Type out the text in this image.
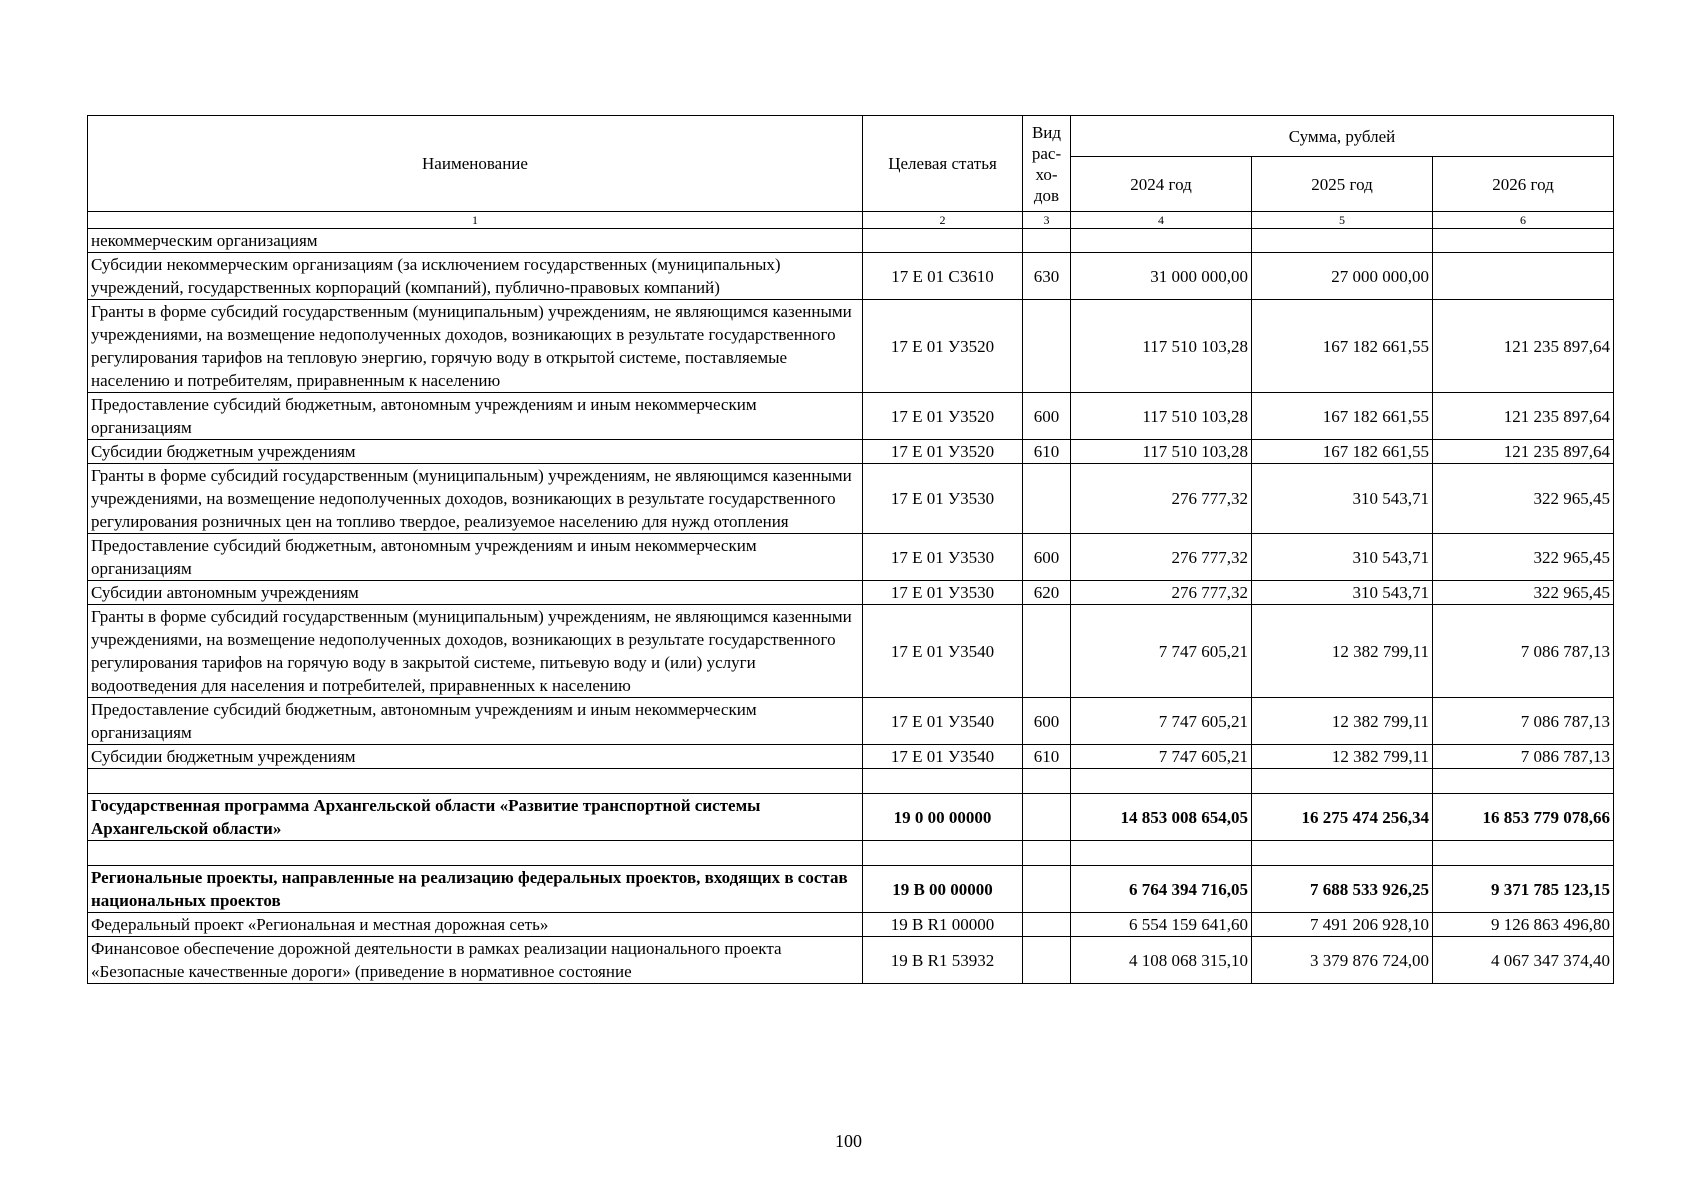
Наименование	Целевая статья	Вид рас- хо- дов	Сумма, рублей		
			2024 год	2025 год	2026 год
1	2	3	4	5	6
некоммерческим организациям					
Субсидии некоммерческим организациям (за исключением государственных (муниципальных) учреждений, государственных корпораций (компаний), публично-правовых компаний)	17 Е 01 С3610	630	31 000 000,00	27 000 000,00	
Гранты в форме субсидий государственным (муниципальным) учреждениям, не являющимся казенными учреждениями, на возмещение недополученных доходов, возникающих в результате государственного регулирования тарифов на тепловую энергию, горячую воду в открытой системе, поставляемые населению и потребителям, приравненным к населению	17 Е 01 У3520		117 510 103,28	167 182 661,55	121 235 897,64
Предоставление субсидий бюджетным, автономным учреждениям и иным некоммерческим организациям	17 Е 01 У3520	600	117 510 103,28	167 182 661,55	121 235 897,64
Субсидии бюджетным учреждениям	17 Е 01 У3520	610	117 510 103,28	167 182 661,55	121 235 897,64
Гранты в форме субсидий государственным (муниципальным) учреждениям, не являющимся казенными учреждениями, на возмещение недополученных доходов, возникающих в результате государственного регулирования розничных цен на топливо твердое, реализуемое населению для нужд отопления	17 Е 01 У3530		276 777,32	310 543,71	322 965,45
Предоставление субсидий бюджетным, автономным учреждениям и иным некоммерческим организациям	17 Е 01 У3530	600	276 777,32	310 543,71	322 965,45
Субсидии автономным учреждениям	17 Е 01 У3530	620	276 777,32	310 543,71	322 965,45
Гранты в форме субсидий государственным (муниципальным) учреждениям, не являющимся казенными учреждениями, на возмещение недополученных доходов, возникающих в результате государственного регулирования тарифов на горячую воду в закрытой системе, питьевую воду и (или) услуги водоотведения для населения и потребителей, приравненных к населению	17 Е 01 У3540		7 747 605,21	12 382 799,11	7 086 787,13
Предоставление субсидий бюджетным, автономным учреждениям и иным некоммерческим организациям	17 Е 01 У3540	600	7 747 605,21	12 382 799,11	7 086 787,13
Субсидии бюджетным учреждениям	17 Е 01 У3540	610	7 747 605,21	12 382 799,11	7 086 787,13

Государственная программа Архангельской области «Развитие транспортной системы Архангельской области»	19 0 00 00000		14 853 008 654,05	16 275 474 256,34	16 853 779 078,66

Региональные проекты, направленные на реализацию федеральных проектов, входящих в состав национальных проектов	19 В 00 00000		6 764 394 716,05	7 688 533 926,25	9 371 785 123,15
Федеральный проект «Региональная и местная дорожная сеть»	19 В R1 00000		6 554 159 641,60	7 491 206 928,10	9 126 863 496,80
Финансовое обеспечение дорожной деятельности в рамках реализации национального проекта «Безопасные качественные дороги» (приведение в нормативное состояние	19 В R1 53932		4 108 068 315,10	3 379 876 724,00	4 067 347 374,40
100
